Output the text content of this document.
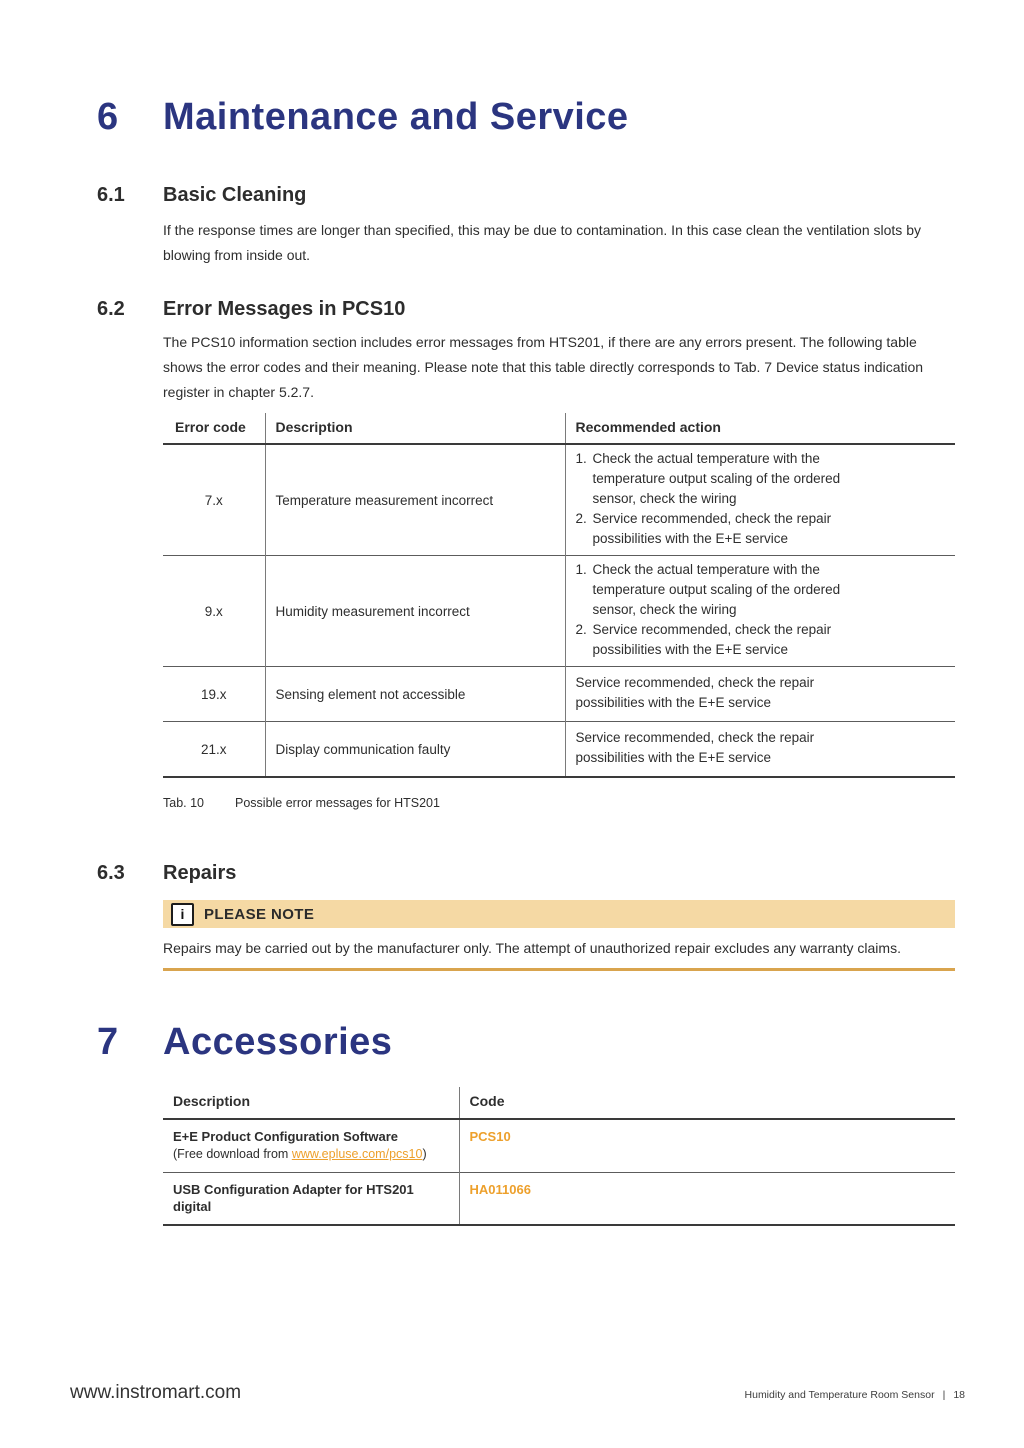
6	Maintenance and Service
6.1	Basic Cleaning

If the response times are longer than specified, this may be due to contamination. In this case clean the ventilation slots by blowing from inside out.

6.2	Error Messages in PCS10

The PCS10 information section includes error messages from HTS201, if there are any errors present. The following table shows the error codes and their meaning. Please note that this table directly corresponds to Tab. 7 Device status indication register in chapter 5.2.7.

Error code	Description	Recommended action
7.x	Temperature measurement incorrect	1. Check the actual temperature with the temperature output scaling of the ordered sensor, check the wiring
2. Service recommended, check the repair possibilities with the E+E service

9.x	Humidity measurement incorrect	1. Check the actual temperature with the temperature output scaling of the ordered sensor, check the wiring
2. Service recommended, check the repair possibilities with the E+E service

19.x	Sensing element not accessible	Service recommended, check the repair possibilities with the E+E service

21.x	Display communication faulty	Service recommended, check the repair possibilities with the E+E service
Tab. 10	Possible error messages for HTS201
6.3	Repairs
i	PLEASE NOTE
Repairs may be carried out by the manufacturer only. The attempt of unauthorized repair excludes any warranty claims.
7	Accessories
Description	Code

E+E Product Configuration Software
(Free download from www.epluse.com/pcs10)	PCS10

USB Configuration Adapter for HTS201 digital	HA011066
www.instromart.com	Humidity and Temperature Room Sensor | 18
